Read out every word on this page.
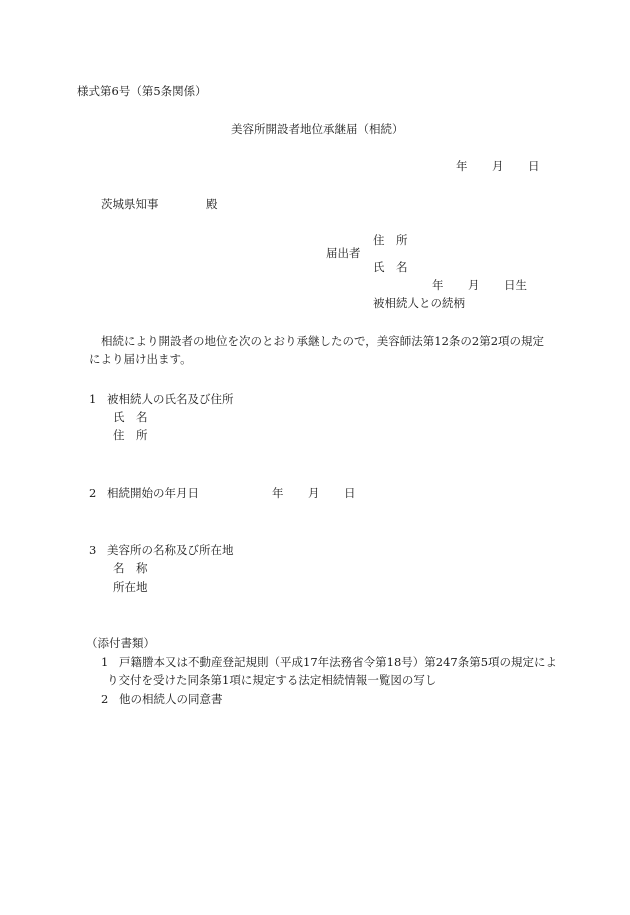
様式第6号（第5条関係）
美容所開設者地位承継届（相続）
年 月 日
茨城県知事	殿
住　所
届出者
氏　名
年 月 日生
被相続人との続柄
相続により開設者の地位を次のとおり承継したので，美容師法第12条の2第2項の規定
により届け出ます。
1 被相続人の氏名及び住所
氏　名
住　所
2 相続開始の年月日	年 月 日
3 美容所の名称及び所在地
名　称
所在地
（添付書類）
1 戸籍謄本又は不動産登記規則（平成17年法務省令第18号）第247条第5項の規定によ
り交付を受けた同条第1項に規定する法定相続情報一覧図の写し
2 他の相続人の同意書
